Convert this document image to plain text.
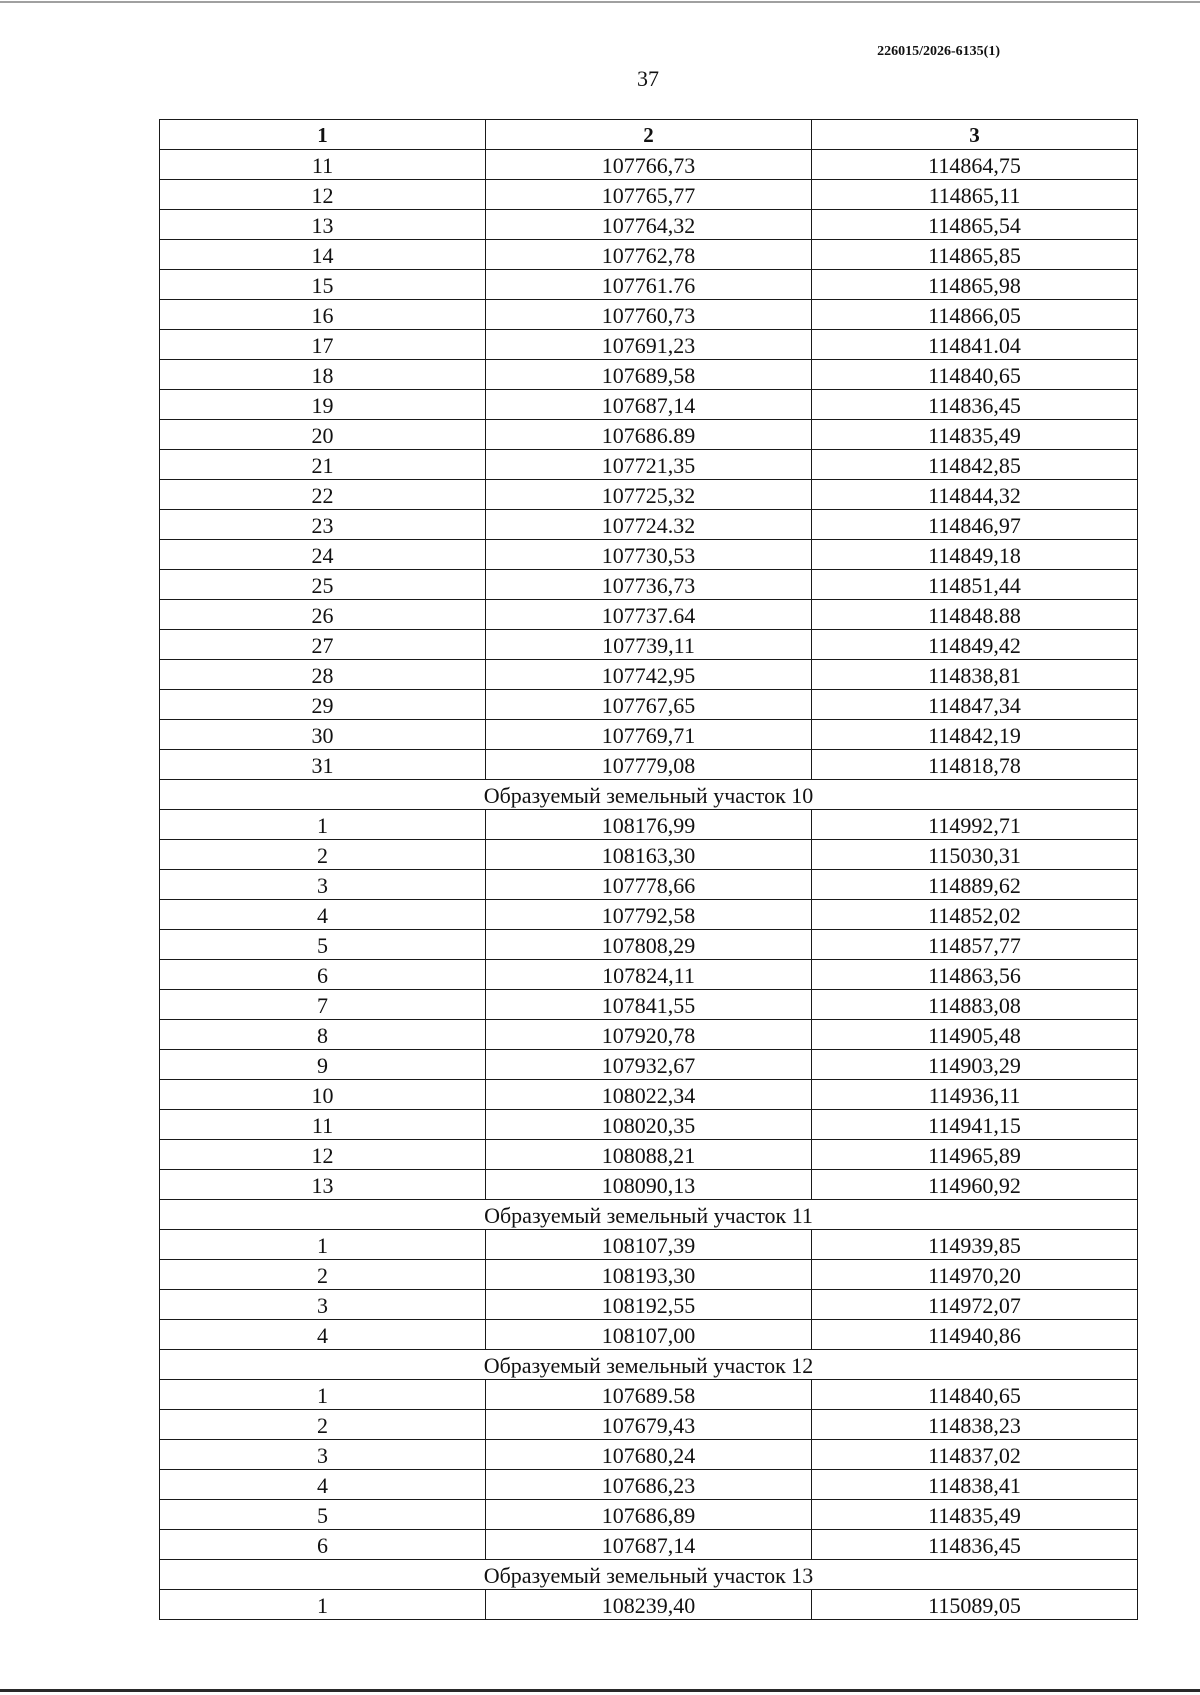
226015/2026-6135(1)
37
1	2	3
11	107766,73	114864,75
12	107765,77	114865,11
13	107764,32	114865,54
14	107762,78	114865,85
15	107761.76	114865,98
16	107760,73	114866,05
17	107691,23	114841.04
18	107689,58	114840,65
19	107687,14	114836,45
20	107686.89	114835,49
21	107721,35	114842,85
22	107725,32	114844,32
23	107724.32	114846,97
24	107730,53	114849,18
25	107736,73	114851,44
26	107737.64	114848.88
27	107739,11	114849,42
28	107742,95	114838,81
29	107767,65	114847,34
30	107769,71	114842,19
31	107779,08	114818,78
Образуемый земельный участок 10		
1	108176,99	114992,71
2	108163,30	115030,31
3	107778,66	114889,62
4	107792,58	114852,02
5	107808,29	114857,77
6	107824,11	114863,56
7	107841,55	114883,08
8	107920,78	114905,48
9	107932,67	114903,29
10	108022,34	114936,11
11	108020,35	114941,15
12	108088,21	114965,89
13	108090,13	114960,92
Образуемый земельный участок 11		
1	108107,39	114939,85
2	108193,30	114970,20
3	108192,55	114972,07
4	108107,00	114940,86
Образуемый земельный участок 12		
1	107689.58	114840,65
2	107679,43	114838,23
3	107680,24	114837,02
4	107686,23	114838,41
5	107686,89	114835,49
6	107687,14	114836,45
Образуемый земельный участок 13		
1	108239,40	115089,05
